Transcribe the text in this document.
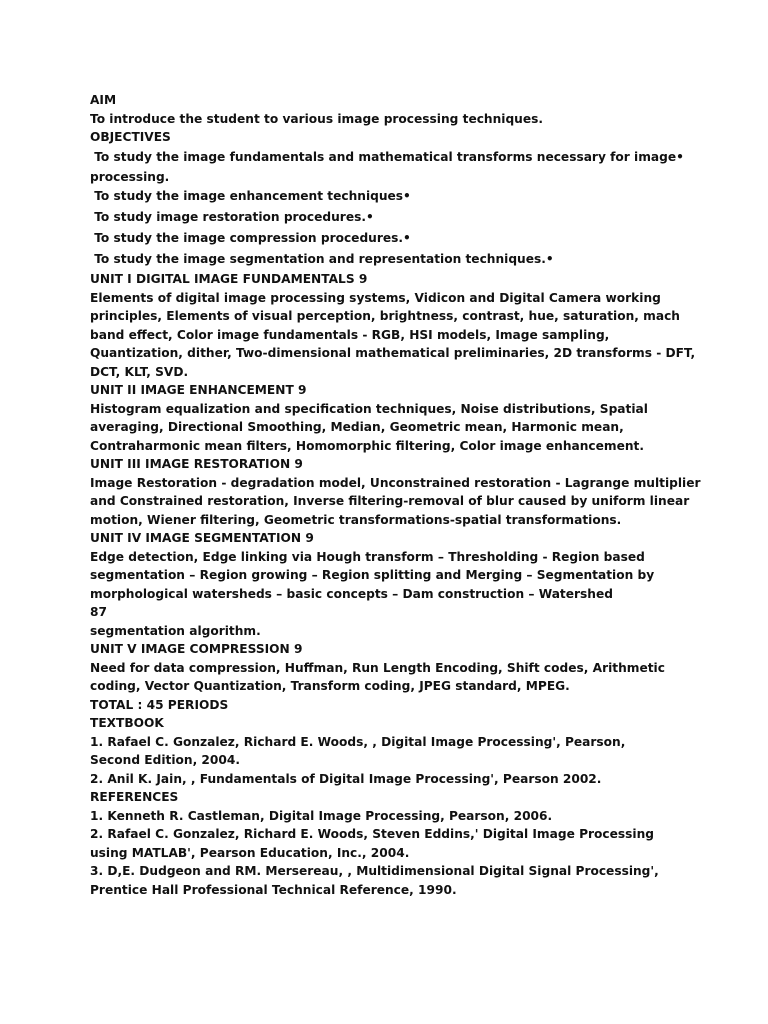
AIM
To introduce the student to various image processing techniques.
OBJECTIVES
To study the image fundamentals and mathematical transforms necessary for image•
processing.
To study the image enhancement techniques•
To study image restoration procedures.•
To study the image compression procedures.•
To study the image segmentation and representation techniques.•
UNIT I DIGITAL IMAGE FUNDAMENTALS 9
Elements of digital image processing systems, Vidicon and Digital Camera working
principles, Elements of visual perception, brightness, contrast, hue, saturation, mach
band effect, Color image fundamentals - RGB, HSI models, Image sampling,
Quantization, dither, Two-dimensional mathematical preliminaries, 2D transforms - DFT,
DCT, KLT, SVD.
UNIT II IMAGE ENHANCEMENT 9
Histogram equalization and specification techniques, Noise distributions, Spatial
averaging, Directional Smoothing, Median, Geometric mean, Harmonic mean,
Contraharmonic mean filters, Homomorphic filtering, Color image enhancement.
UNIT III IMAGE RESTORATION 9
Image Restoration - degradation model, Unconstrained restoration - Lagrange multiplier
and Constrained restoration, Inverse filtering-removal of blur caused by uniform linear
motion, Wiener filtering, Geometric transformations-spatial transformations.
UNIT IV IMAGE SEGMENTATION 9
Edge detection, Edge linking via Hough transform – Thresholding - Region based
segmentation – Region growing – Region splitting and Merging – Segmentation by
morphological watersheds – basic concepts – Dam construction – Watershed
87
segmentation algorithm.
UNIT V IMAGE COMPRESSION 9
Need for data compression, Huffman, Run Length Encoding, Shift codes, Arithmetic
coding, Vector Quantization, Transform coding, JPEG standard, MPEG.
TOTAL : 45 PERIODS
TEXTBOOK
1. Rafael C. Gonzalez, Richard E. Woods, , Digital Image Processing', Pearson,
Second Edition, 2004.
2. Anil K. Jain, , Fundamentals of Digital Image Processing', Pearson 2002.
REFERENCES
1. Kenneth R. Castleman, Digital Image Processing, Pearson, 2006.
2. Rafael C. Gonzalez, Richard E. Woods, Steven Eddins,' Digital Image Processing
using MATLAB', Pearson Education, Inc., 2004.
3. D,E. Dudgeon and RM. Mersereau, , Multidimensional Digital Signal Processing',
Prentice Hall Professional Technical Reference, 1990.
